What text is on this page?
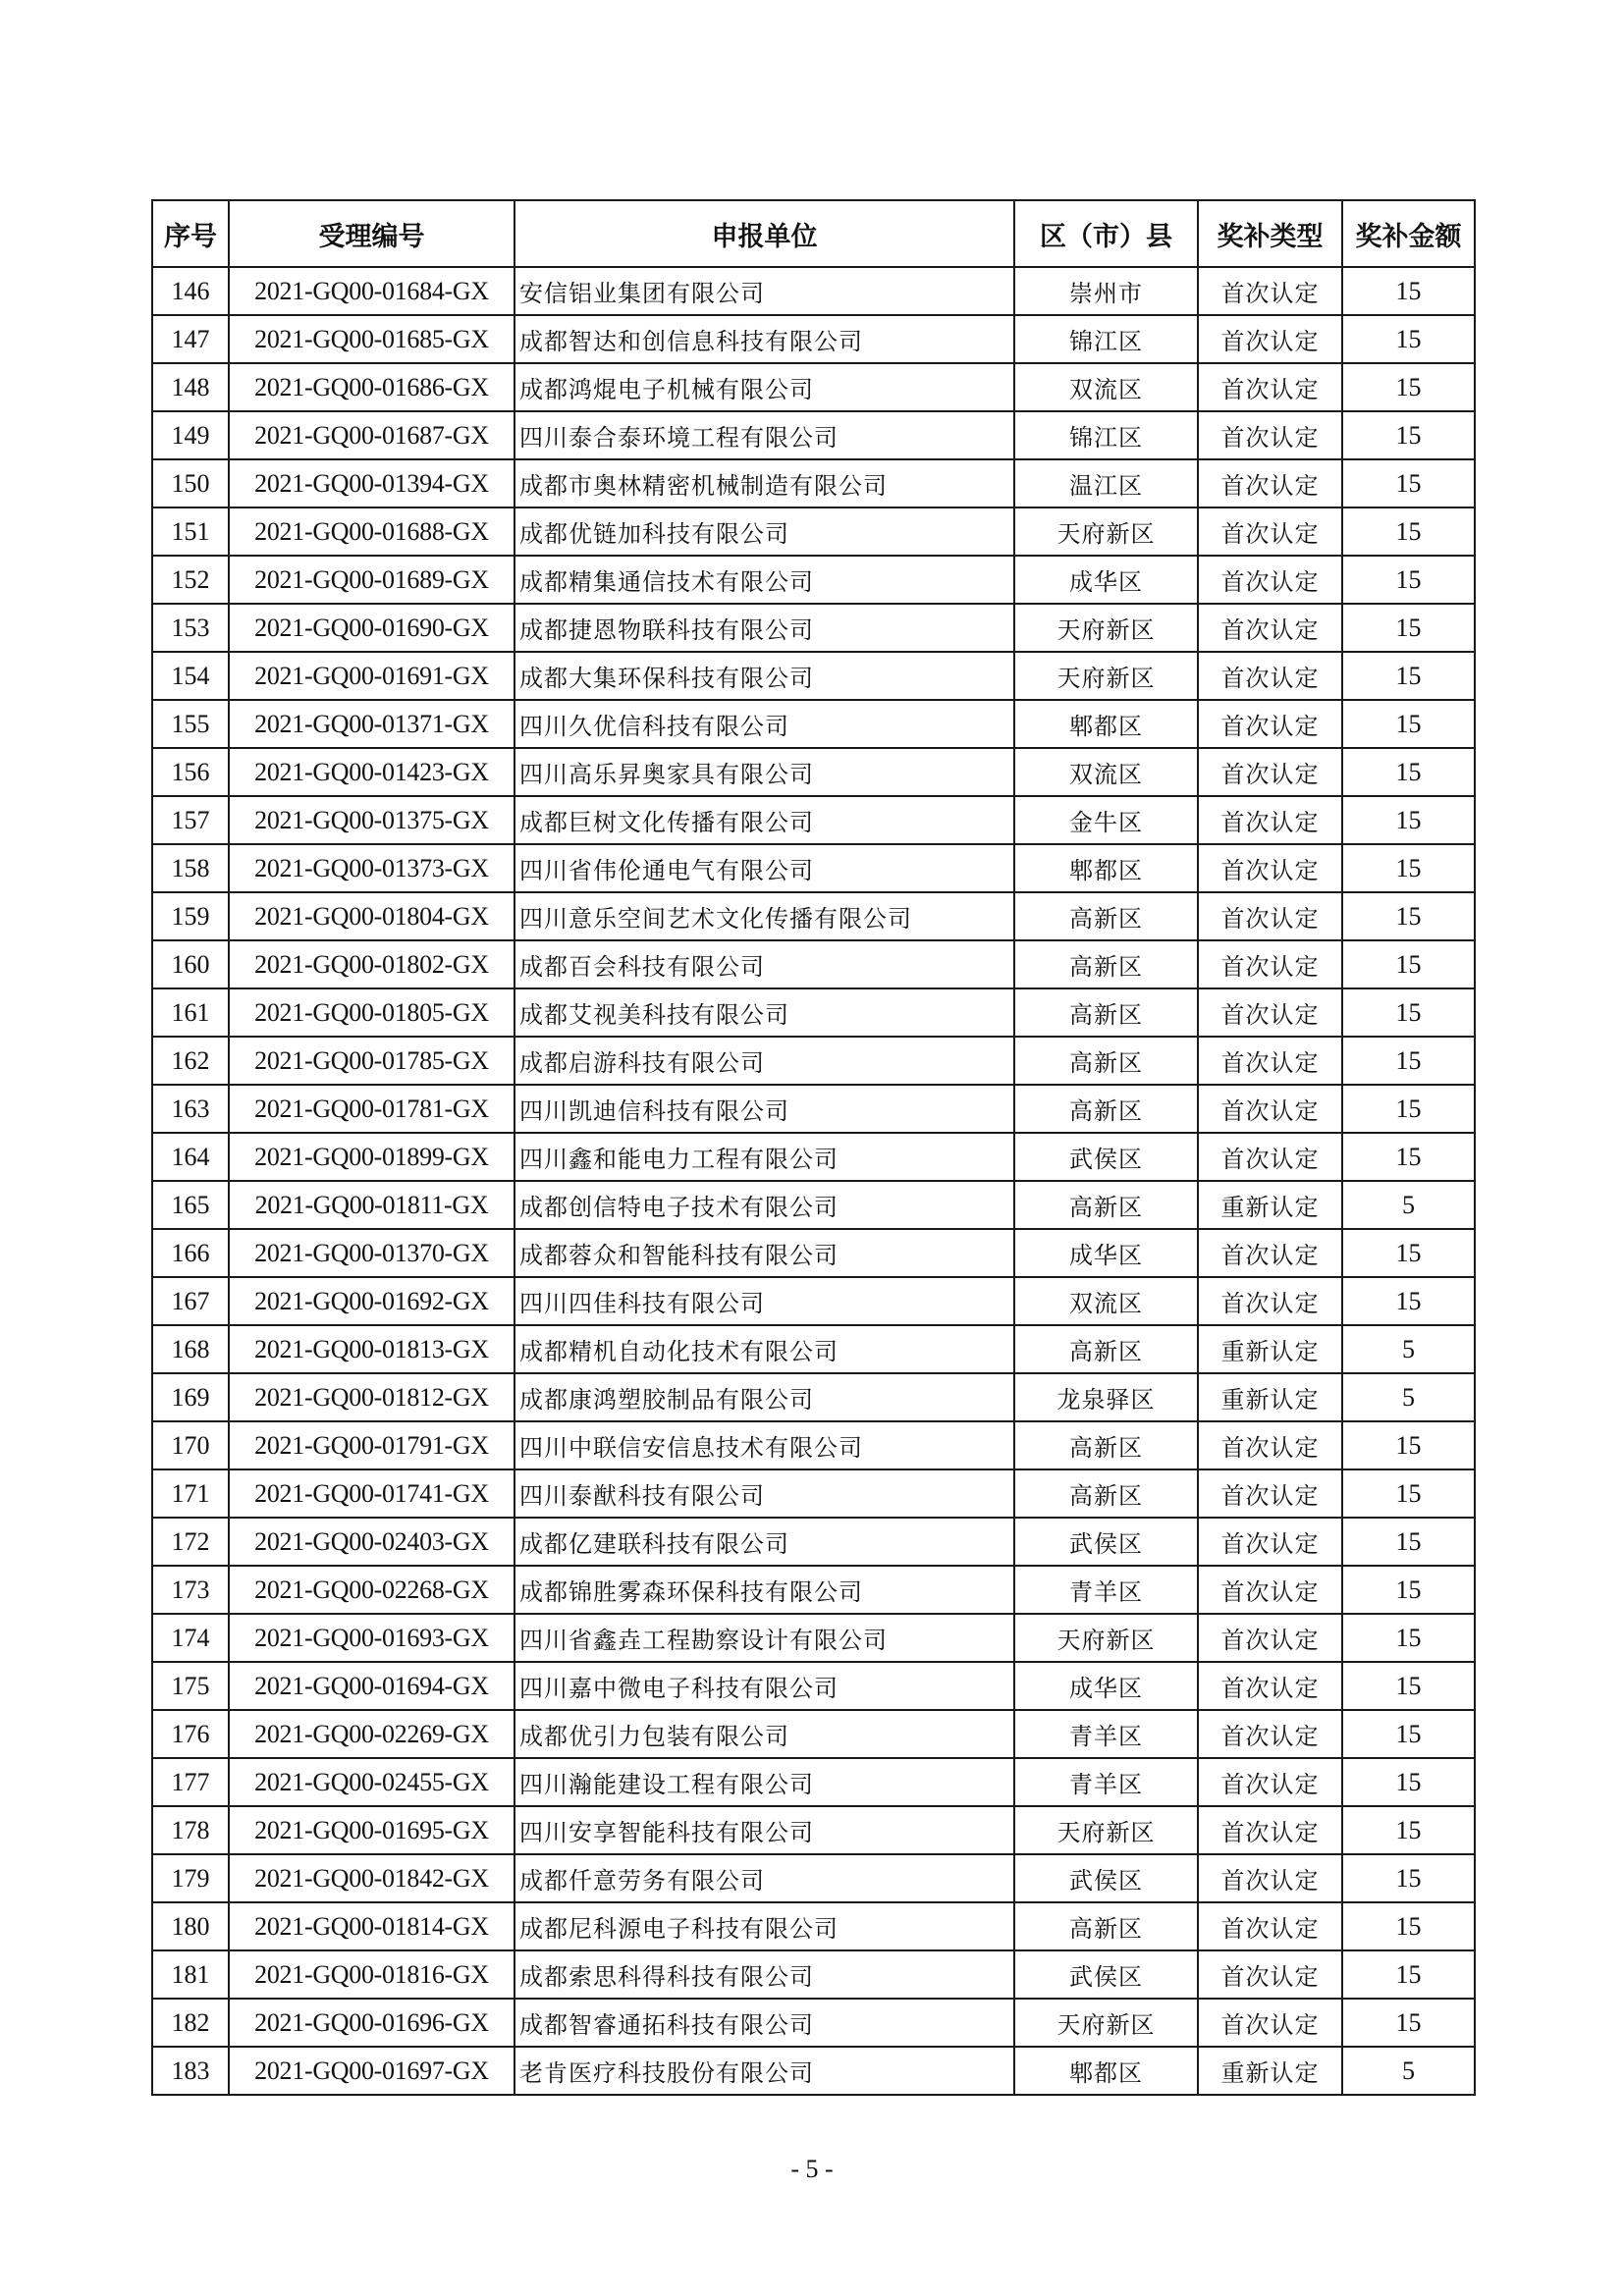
序号	受理编号	申报单位	区（市）县	奖补类型	奖补金额
146	2021-GQ00-01684-GX	安信铝业集团有限公司	崇州市	首次认定	15
147	2021-GQ00-01685-GX	成都智达和创信息科技有限公司	锦江区	首次认定	15
148	2021-GQ00-01686-GX	成都鸿焜电子机械有限公司	双流区	首次认定	15
149	2021-GQ00-01687-GX	四川泰合泰环境工程有限公司	锦江区	首次认定	15
150	2021-GQ00-01394-GX	成都市奥林精密机械制造有限公司	温江区	首次认定	15
151	2021-GQ00-01688-GX	成都优链加科技有限公司	天府新区	首次认定	15
152	2021-GQ00-01689-GX	成都精集通信技术有限公司	成华区	首次认定	15
153	2021-GQ00-01690-GX	成都捷恩物联科技有限公司	天府新区	首次认定	15
154	2021-GQ00-01691-GX	成都大集环保科技有限公司	天府新区	首次认定	15
155	2021-GQ00-01371-GX	四川久优信科技有限公司	郫都区	首次认定	15
156	2021-GQ00-01423-GX	四川高乐昇奥家具有限公司	双流区	首次认定	15
157	2021-GQ00-01375-GX	成都巨树文化传播有限公司	金牛区	首次认定	15
158	2021-GQ00-01373-GX	四川省伟伦通电气有限公司	郫都区	首次认定	15
159	2021-GQ00-01804-GX	四川意乐空间艺术文化传播有限公司	高新区	首次认定	15
160	2021-GQ00-01802-GX	成都百会科技有限公司	高新区	首次认定	15
161	2021-GQ00-01805-GX	成都艾视美科技有限公司	高新区	首次认定	15
162	2021-GQ00-01785-GX	成都启游科技有限公司	高新区	首次认定	15
163	2021-GQ00-01781-GX	四川凯迪信科技有限公司	高新区	首次认定	15
164	2021-GQ00-01899-GX	四川鑫和能电力工程有限公司	武侯区	首次认定	15
165	2021-GQ00-01811-GX	成都创信特电子技术有限公司	高新区	重新认定	5
166	2021-GQ00-01370-GX	成都蓉众和智能科技有限公司	成华区	首次认定	15
167	2021-GQ00-01692-GX	四川四佳科技有限公司	双流区	首次认定	15
168	2021-GQ00-01813-GX	成都精机自动化技术有限公司	高新区	重新认定	5
169	2021-GQ00-01812-GX	成都康鸿塑胶制品有限公司	龙泉驿区	重新认定	5
170	2021-GQ00-01791-GX	四川中联信安信息技术有限公司	高新区	首次认定	15
171	2021-GQ00-01741-GX	四川泰猷科技有限公司	高新区	首次认定	15
172	2021-GQ00-02403-GX	成都亿建联科技有限公司	武侯区	首次认定	15
173	2021-GQ00-02268-GX	成都锦胜雾森环保科技有限公司	青羊区	首次认定	15
174	2021-GQ00-01693-GX	四川省鑫垚工程勘察设计有限公司	天府新区	首次认定	15
175	2021-GQ00-01694-GX	四川嘉中微电子科技有限公司	成华区	首次认定	15
176	2021-GQ00-02269-GX	成都优引力包装有限公司	青羊区	首次认定	15
177	2021-GQ00-02455-GX	四川瀚能建设工程有限公司	青羊区	首次认定	15
178	2021-GQ00-01695-GX	四川安享智能科技有限公司	天府新区	首次认定	15
179	2021-GQ00-01842-GX	成都仟意劳务有限公司	武侯区	首次认定	15
180	2021-GQ00-01814-GX	成都尼科源电子科技有限公司	高新区	首次认定	15
181	2021-GQ00-01816-GX	成都索思科得科技有限公司	武侯区	首次认定	15
182	2021-GQ00-01696-GX	成都智睿通拓科技有限公司	天府新区	首次认定	15
183	2021-GQ00-01697-GX	老肯医疗科技股份有限公司	郫都区	重新认定	5
- 5 -
